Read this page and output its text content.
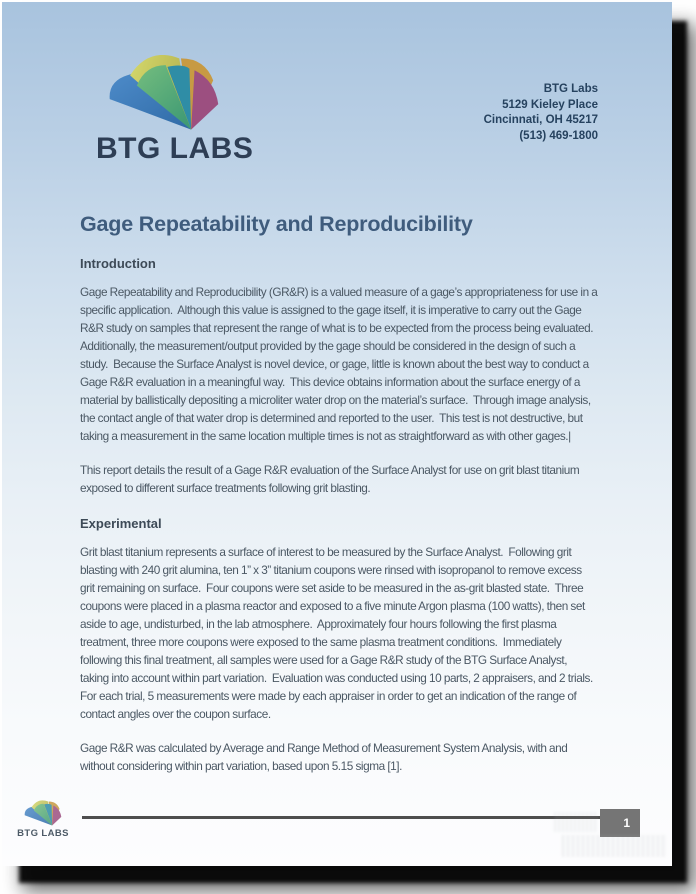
BTG LABS
BTG Labs
5129 Kieley Place
Cincinnati, OH 45217
(513) 469-1800
Gage Repeatability and Reproducibility
Introduction

Gage Repeatability and Reproducibility (GR&R) is a valued measure of a gage’s appropriateness for use in a specific application.  Although this value is assigned to the gage itself, it is imperative to carry out the Gage R&R study on samples that represent the range of what is to be expected from the process being evaluated.  Additionally, the measurement/output provided by the gage should be considered in the design of such a study.  Because the Surface Analyst is novel device, or gage, little is known about the best way to conduct a Gage R&R evaluation in a meaningful way.  This device obtains information about the surface energy of a material by ballistically depositing a microliter water drop on the material’s surface.  Through image analysis, the contact angle of that water drop is determined and reported to the user.  This test is not destructive, but taking a measurement in the same location multiple times is not as straightforward as with other gages.|

This report details the result of a Gage R&R evaluation of the Surface Analyst for use on grit blast titanium exposed to different surface treatments following grit blasting.

Experimental

Grit blast titanium represents a surface of interest to be measured by the Surface Analyst.  Following grit blasting with 240 grit alumina, ten 1” x 3” titanium coupons were rinsed with isopropanol to remove excess grit remaining on surface.  Four coupons were set aside to be measured in the as-grit blasted state.  Three coupons were placed in a plasma reactor and exposed to a five minute Argon plasma (100 watts), then set aside to age, undisturbed, in the lab atmosphere.  Approximately four hours following the first plasma treatment, three more coupons were exposed to the same plasma treatment conditions.  Immediately following this final treatment, all samples were used for a Gage R&R study of the BTG Surface Analyst, taking into account within part variation.  Evaluation was conducted using 10 parts, 2 appraisers, and 2 trials.  For each trial, 5 measurements were made by each appraiser in order to get an indication of the range of contact angles over the coupon surface.

Gage R&R was calculated by Average and Range Method of Measurement System Analysis, with and without considering within part variation, based upon 5.15 sigma [1].

BTG LABS
1
